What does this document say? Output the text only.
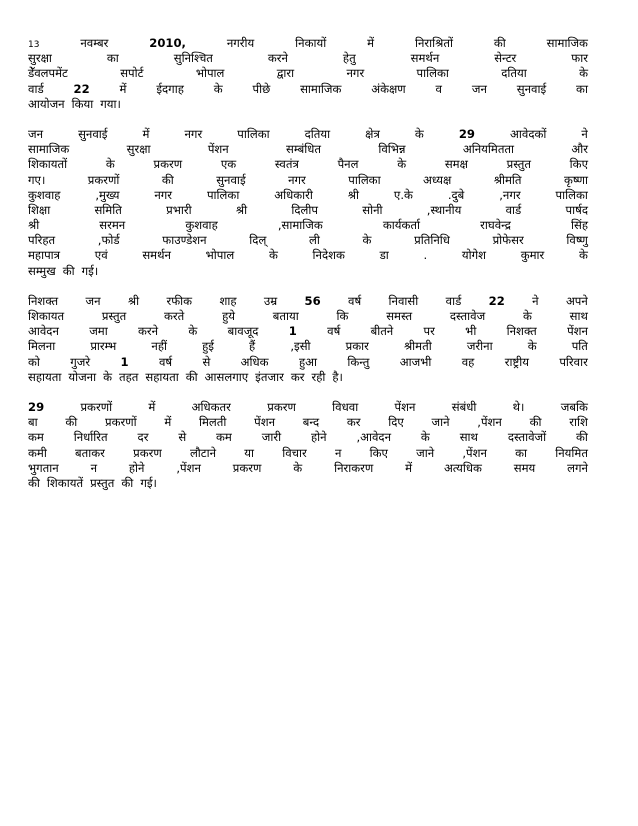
13	नवम्बर	2010,	नगरीय	निकायों	में	निराश्रितों	की	सामाजिक
सुरक्षा	का	सुनिश्चित	करने	हेतु	समर्थन	सेन्टर	फार
डेॅवलपमेंट	सपोर्ट	भोपाल	द्वारा	नगर	पालिका	दतिया	के
वार्ड	22	में	ईदगाह	के	पीछे	सामाजिक	अंकेक्षण	व	जन	सुनवाई	का
आयोजन किया गया।
जन	सुनवाई	में	नगर	पालिका	दतिया	क्षेत्र	के	29	आवेदकों	ने
सामाजिक	सुरक्षा	पेंशन	सम्बंधित	विभिन्न	अनियमितता	और
शिकायतों	के	प्रकरण	एक	स्वतंत्र	पैनल	के	समक्ष	प्रस्तुत	किए
गए।	प्रकरणों	की	सुनवाई	नगर	पालिका	अध्यक्ष	श्रीमति	कृष्णा
कुशवाह	,मुख्य	नगर	पालिका	अधिकारी	श्री	ए.के	.दुबे	,नगर	पालिका
शिक्षा	समिति	प्रभारी	श्री	दिलीप	सोनी	,स्थानीय	वार्ड	पार्षद
श्री	सरमन	कुशवाह	,सामाजिक	कार्यकर्ता	राघवेन्द्र	सिंह
परिहत	,फोर्ड	फाउण्डेशन	दिल्	ली	के	प्रतिनिधि	प्रोफेसर	विष्णु
महापात्र	एवं	समर्थन	भोपाल	के	निदेशक	डा	.	योगेश	कुमार	के
सम्मुख की गई।
निशक्त जन श्री रफीक शाह उम्र 56 वर्ष निवासी वार्ड 22 ने अपने
शिकायत	प्रस्तुत	करते	हुये	बताया	कि	समस्त	दस्तावेज	के	साथ
आवेदन	जमा	करने	के	बावजूद	1	वर्ष	बीतने	पर	भी	निशक्त	पेंशन
मिलना	प्रारम्भ	नहीं	हुई	हैं	,इसी	प्रकार	श्रीमती	जरीना	के	पति
को	गुजरे	1	वर्ष	से	अधिक	हुआ	किन्तु	आजभी	वह	राष्ट्रीय	परिवार
सहायता योजना के तहत सहायता की आसलगाए इंतजार कर रही है।
29	प्रकरणों	में	अधिकतर	प्रकरण	विधवा	पेंशन	संबंधी	थे।	जबकि
बा की प्रकरणों में मिलती पेंशन बन्द कर दिए जाने ,पेंशन की राशि
कम	निर्धारित	दर	से	कम	जारी	होने	,आवेदन	के	साथ	दस्तावेजों	की
कमी बताकर प्रकरण लौटाने या विचार न किए जाने ,पेंशन का नियमित
भुगतान	न	होने	,पेंशन	प्रकरण	के	निराकरण	में	अत्यधिक	समय	लगने
की शिकायतें प्रस्तुत की गई।
